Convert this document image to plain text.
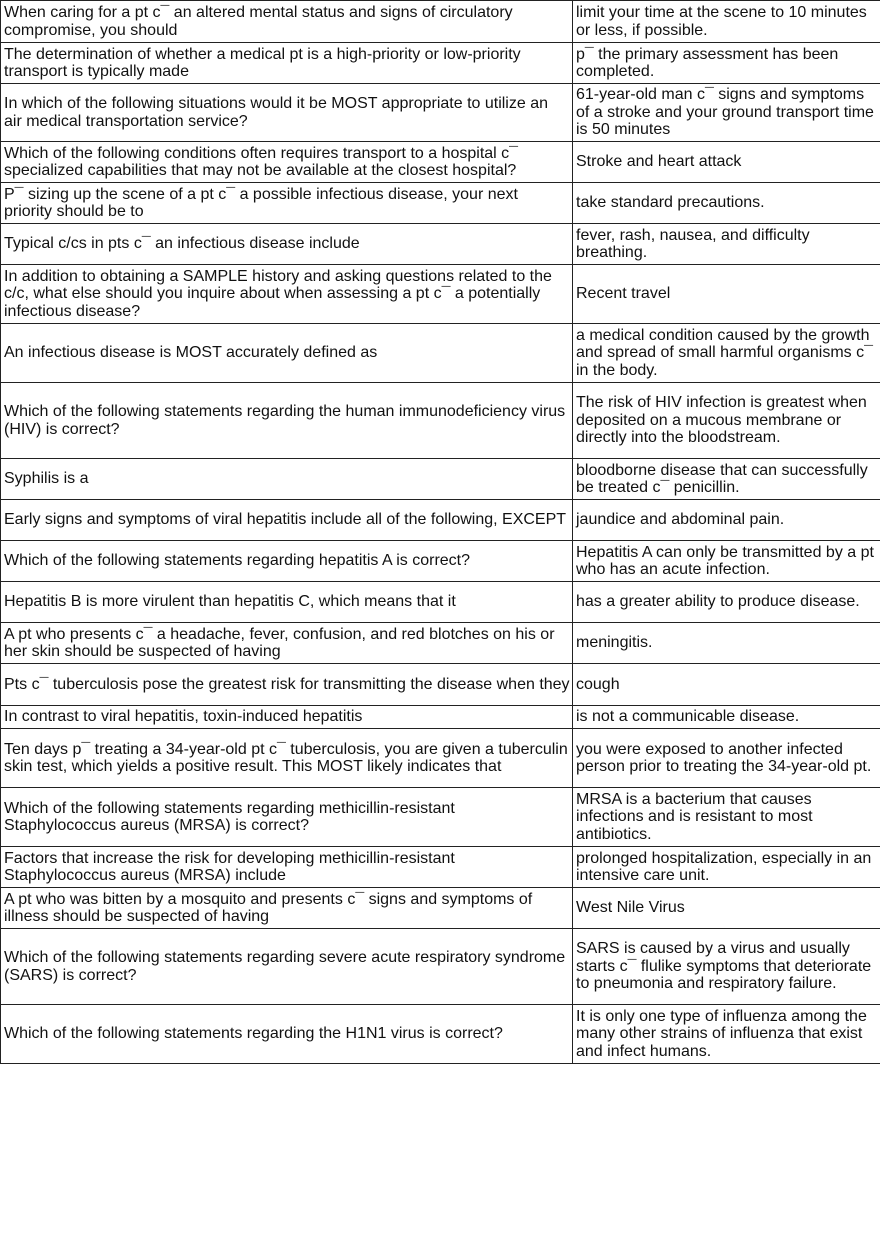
When caring for a pt c¯ an altered mental status and signs of circulatory compromise, you should	limit your time at the scene to 10 minutes or less, if possible.
The determination of whether a medical pt is a high-priority or low-priority transport is typically made	p¯ the primary assessment has been completed.
In which of the following situations would it be MOST appropriate to utilize an air medical transportation service?	61-year-old man c¯ signs and symptoms of a stroke and your ground transport time is 50 minutes
Which of the following conditions often requires transport to a hospital c¯ specialized capabilities that may not be available at the closest hospital?	Stroke and heart attack
P¯ sizing up the scene of a pt c¯ a possible infectious disease, your next priority should be to	take standard precautions.
Typical c/cs in pts c¯ an infectious disease include	fever, rash, nausea, and difficulty breathing.
In addition to obtaining a SAMPLE history and asking questions related to the c/c, what else should you inquire about when assessing a pt c¯ a potentially infectious disease?	Recent travel
An infectious disease is MOST accurately defined as	a medical condition caused by the growth and spread of small harmful organisms c¯ in the body.
Which of the following statements regarding the human immunodeficiency virus (HIV) is correct?	The risk of HIV infection is greatest when deposited on a mucous membrane or directly into the bloodstream.
Syphilis is a	bloodborne disease that can successfully be treated c¯ penicillin.
Early signs and symptoms of viral hepatitis include all of the following, EXCEPT	jaundice and abdominal pain.
Which of the following statements regarding hepatitis A is correct?	Hepatitis A can only be transmitted by a pt who has an acute infection.
Hepatitis B is more virulent than hepatitis C, which means that it	has a greater ability to produce disease.
A pt who presents c¯ a headache, fever, confusion, and red blotches on his or her skin should be suspected of having	meningitis.
Pts c¯ tuberculosis pose the greatest risk for transmitting the disease when they	cough
In contrast to viral hepatitis, toxin-induced hepatitis	is not a communicable disease.
Ten days p¯ treating a 34-year-old pt c¯ tuberculosis, you are given a tuberculin skin test, which yields a positive result. This MOST likely indicates that	you were exposed to another infected person prior to treating the 34-year-old pt.
Which of the following statements regarding methicillin-resistant Staphylococcus aureus (MRSA) is correct?	MRSA is a bacterium that causes infections and is resistant to most antibiotics.
Factors that increase the risk for developing methicillin-resistant Staphylococcus aureus (MRSA) include	prolonged hospitalization, especially in an intensive care unit.
A pt who was bitten by a mosquito and presents c¯ signs and symptoms of illness should be suspected of having	West Nile Virus
Which of the following statements regarding severe acute respiratory syndrome (SARS) is correct?	SARS is caused by a virus and usually starts c¯ flulike symptoms that deteriorate to pneumonia and respiratory failure.
Which of the following statements regarding the H1N1 virus is correct?	It is only one type of influenza among the many other strains of influenza that exist and infect humans.
